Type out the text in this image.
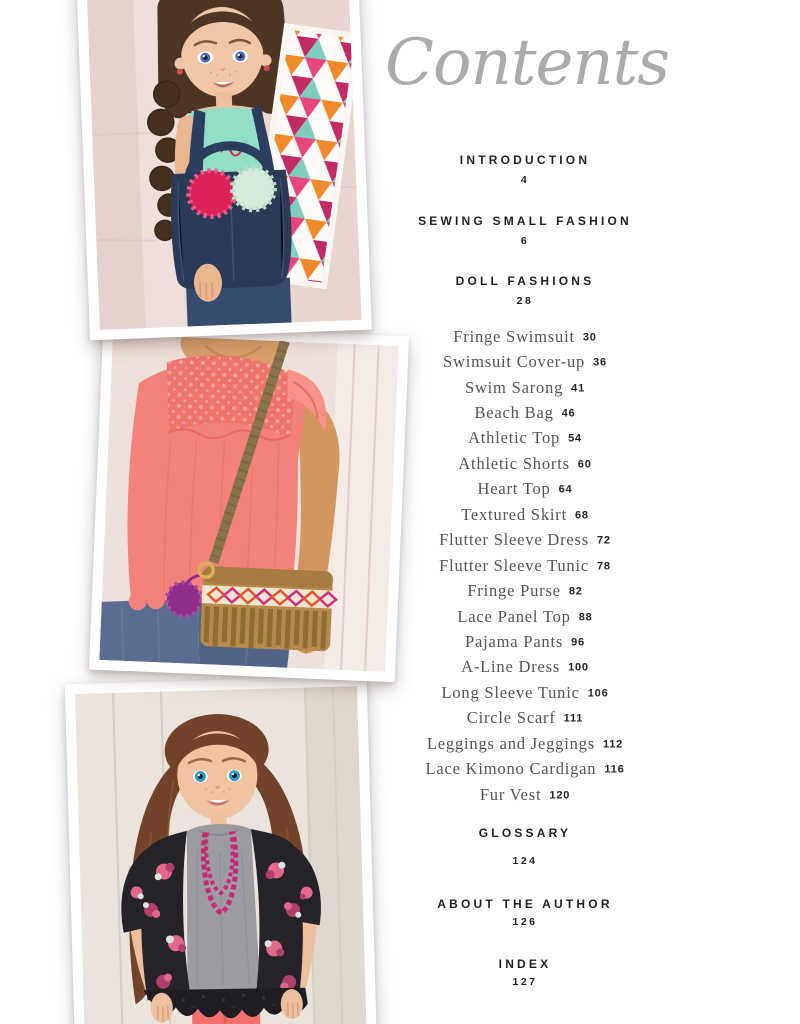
Contents
INTRODUCTION
4
SEWING SMALL FASHION
6
DOLL FASHIONS
28
Fringe Swimsuit 30
Swimsuit Cover-up 36
Swim Sarong 41
Beach Bag 46
Athletic Top 54
Athletic Shorts 60
Heart Top 64
Textured Skirt 68
Flutter Sleeve Dress 72
Flutter Sleeve Tunic 78
Fringe Purse 82
Lace Panel Top 88
Pajama Pants 96
A-Line Dress 100
Long Sleeve Tunic 106
Circle Scarf 111
Leggings and Jeggings 112
Lace Kimono Cardigan 116
Fur Vest 120
GLOSSARY
124
ABOUT THE AUTHOR
126
INDEX
127
